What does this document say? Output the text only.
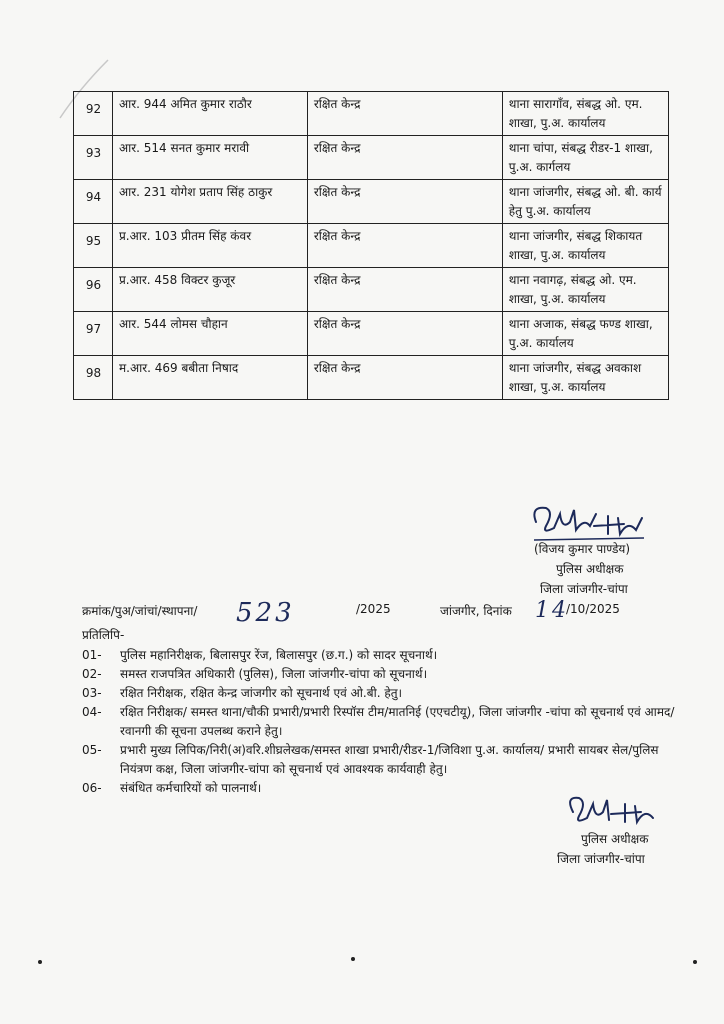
92	आर. 944 अमित कुमार राठौर	रक्षित केन्द्र	थाना सारागाँव, संबद्ध ओ. एम. शाखा, पु.अ. कार्यालय
93	आर. 514 सनत कुमार मरावी	रक्षित केन्द्र	थाना चांपा, संबद्ध रीडर-1 शाखा, पु.अ. कार्गलय
94	आर. 231 योगेश प्रताप सिंह ठाकुर	रक्षित केन्द्र	थाना जांजगीर, संबद्ध ओ. बी. कार्य हेतु पु.अ. कार्यालय
95	प्र.आर. 103 प्रीतम सिंह कंवर	रक्षित केन्द्र	थाना जांजगीर, संबद्ध शिकायत शाखा, पु.अ. कार्यालय
96	प्र.आर. 458 विक्टर कुजूर	रक्षित केन्द्र	थाना नवागढ़, संबद्ध ओ. एम. शाखा, पु.अ. कार्यालय
97	आर. 544 लोमस चौहान	रक्षित केन्द्र	थाना अजाक, संबद्ध फण्ड शाखा, पु.अ. कार्यालय
98	म.आर. 469 बबीता निषाद	रक्षित केन्द्र	थाना जांजगीर, संबद्ध अवकाश शाखा, पु.अ. कार्यालय
(विजय कुमार पाण्डेय)
पुलिस अधीक्षक
जिला जांजगीर-चांपा
क्रमांक/पुअ/जांचां/स्थापना/ 523	/2025	जांजगीर, दिनांक 14
/10/2025
प्रतिलिपि-
01-	पुलिस महानिरीक्षक, बिलासपुर रेंज, बिलासपुर (छ.ग.) को सादर सूचनार्थ।
02-	समस्त राजपत्रित अधिकारी (पुलिस), जिला जांजगीर-चांपा को सूचनार्थ।
03-	रक्षित निरीक्षक, रक्षित केन्द्र जांजगीर को सूचनार्थ एवं ओ.बी. हेतु।
04-	रक्षित निरीक्षक/ समस्त थाना/चौकी प्रभारी/प्रभारी रिस्पॉस टीम/मातनिई (एएचटीयू), जिला जांजगीर -चांपा को सूचनार्थ एवं आमद/रवानगी की सूचना उपलब्ध कराने हेतु।
05-	प्रभारी मुख्य लिपिक/निरी(अ)वरि.शीघ्रलेखक/समस्त शाखा प्रभारी/रीडर-1/जिविशा पु.अ. कार्यालय/ प्रभारी सायबर सेल/पुलिस नियंत्रण कक्ष, जिला जांजगीर-चांपा को सूचनार्थ एवं आवश्यक कार्यवाही हेतु।
06-	संबंधित कर्मचारियों को पालनार्थ।
पुलिस अधीक्षक
जिला जांजगीर-चांपा
